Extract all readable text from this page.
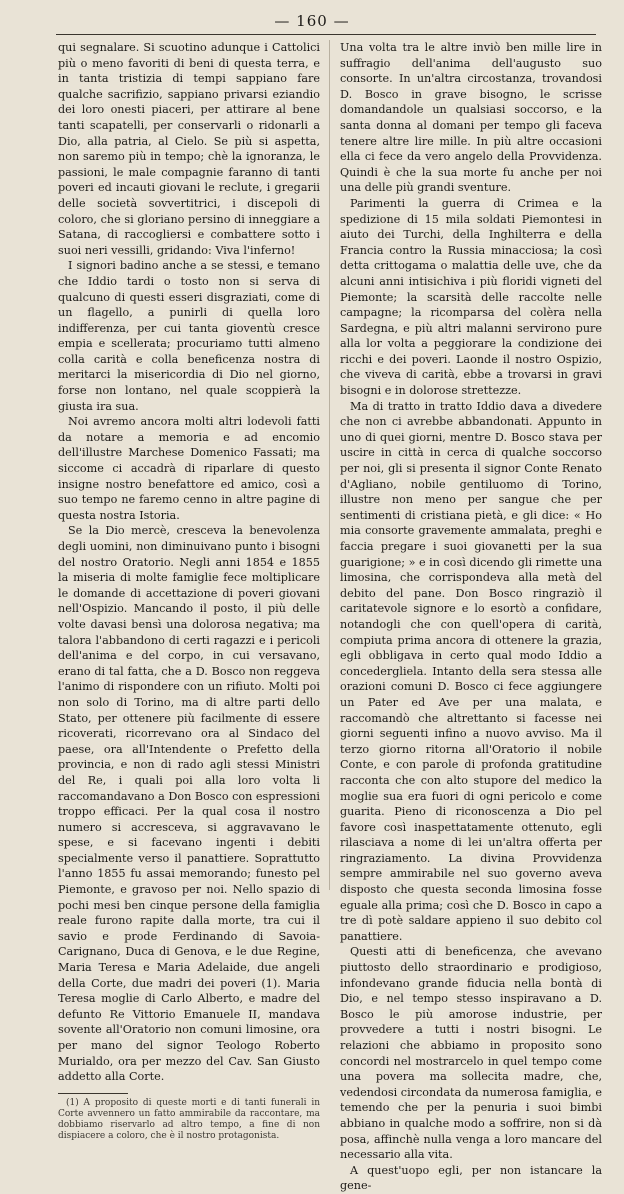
— 160 —

qui segnalare. Si scuotino adunque i Cattolici più o meno favoriti di beni di questa terra, e in tanta tristizia di tempi sappiano fare qualche sacrifizio, sappiano privarsi eziandio dei loro onesti piaceri, per attirare al bene tanti scapatelli, per conservarli o ridonarli a Dio, alla patria, al Cielo. Se più si aspetta, non saremo più in tempo; chè la ignoranza, le passioni, le male compagnie faranno di tanti poveri ed incauti giovani le reclute, i gregarii delle società sovvertitrici, i discepoli di coloro, che si gloriano persino di inneggiare a Satana, di raccogliersi e combattere sotto i suoi neri vessilli, gridando: Viva l'inferno!

I signori badino anche a se stessi, e temano che Iddio tardi o tosto non si serva di qualcuno di questi esseri disgraziati, come di un flagello, a punirli di quella loro indifferenza, per cui tanta gioventù cresce empia e scellerata; procuriamo tutti almeno colla carità e colla beneficenza nostra di meritarci la misericordia di Dio nel giorno, forse non lontano, nel quale scoppierà la giusta ira sua.

Noi avremo ancora molti altri lodevoli fatti da notare a memoria e ad encomio dell'illustre Marchese Domenico Fassati; ma siccome ci accadrà di riparlare di questo insigne nostro benefattore ed amico, così a suo tempo ne faremo cenno in altre pagine di questa nostra Istoria.

Se la Dio mercè, cresceva la benevolenza degli uomini, non diminuivano punto i bisogni del nostro Oratorio. Negli anni 1854 e 1855 la miseria di molte famiglie fece moltiplicare le domande di accettazione di poveri giovani nell'Ospizio. Mancando il posto, il più delle volte davasi bensì una dolorosa negativa; ma talora l'abbandono di certi ragazzi e i pericoli dell'anima e del corpo, in cui versavano, erano di tal fatta, che a D. Bosco non reggeva l'animo di rispondere con un rifiuto. Molti poi non solo di Torino, ma di altre parti dello Stato, per ottenere più facilmente di essere ricoverati, ricorrevano ora al Sindaco del paese, ora all'Intendente o Prefetto della provincia, e non di rado agli stessi Ministri del Re, i quali poi alla loro volta li raccomandavano a Don Bosco con espressioni troppo efficaci. Per la qual cosa il nostro numero si accresceva, si aggravavano le spese, e si facevano ingenti i debiti specialmente verso il panattiere. Soprattutto l'anno 1855 fu assai memorando; funesto pel Piemonte, e gravoso per noi. Nello spazio di pochi mesi ben cinque persone della famiglia reale furono rapite dalla morte, tra cui il savio e prode Ferdinando di Savoia-Carignano, Duca di Genova, e le due Regine, Maria Teresa e Maria Adelaide, due angeli della Corte, due madri dei poveri (1). Maria Teresa moglie di Carlo Alberto, e madre del defunto Re Vittorio Emanuele II, mandava sovente all'Oratorio non comuni limosine, ora per mano del signor Teologo Roberto Murialdo, ora per mezzo del Cav. San Giusto addetto alla Corte.

(1) A proposito di queste morti e di tanti funerali in Corte avvennero un fatto ammirabile da raccontare, ma dobbiamo riservarlo ad altro tempo, a fine di non dispiacere a coloro, che è il nostro protagonista.

Una volta tra le altre inviò ben mille lire in suffragio dell'anima dell'augusto suo consorte. In un'altra circostanza, trovandosi D. Bosco in grave bisogno, le scrisse domandandole un qualsiasi soccorso, e la santa donna al domani per tempo gli faceva tenere altre lire mille. In più altre occasioni ella ci fece da vero angelo della Provvidenza. Quindi è che la sua morte fu anche per noi una delle più grandi sventure.

Parimenti la guerra di Crimea e la spedizione di 15 mila soldati Piemontesi in aiuto dei Turchi, della Inghilterra e della Francia contro la Russia minacciosa; la così detta crittogama o malattia delle uve, che da alcuni anni intisichiva i più floridi vigneti del Piemonte; la scarsità delle raccolte nelle campagne; la ricomparsa del colèra nella Sardegna, e più altri malanni servirono pure alla lor volta a peggiorare la condizione dei ricchi e dei poveri. Laonde il nostro Ospizio, che viveva di carità, ebbe a trovarsi in gravi bisogni e in dolorose strettezze.

Ma di tratto in tratto Iddio dava a divedere che non ci avrebbe abbandonati. Appunto in uno di quei giorni, mentre D. Bosco stava per uscire in città in cerca di qualche soccorso per noi, gli si presenta il signor Conte Renato d'Agliano, nobile gentiluomo di Torino, illustre non meno per sangue che per sentimenti di cristiana pietà, e gli dice: « Ho mia consorte gravemente ammalata, preghi e faccia pregare i suoi giovanetti per la sua guarigione; » e in così dicendo gli rimette una limosina, che corrispondeva alla metà del debito del pane. Don Bosco ringraziò il caritatevole signore e lo esortò a confidare, notandogli che con quell'opera di carità, compiuta prima ancora di ottenere la grazia, egli obbligava in certo qual modo Iddio a concedergliela. Intanto della sera stessa alle orazioni comuni D. Bosco ci fece aggiungere un Pater ed Ave per una malata, e raccomandò che altrettanto si facesse nei giorni seguenti infino a nuovo avviso. Ma il terzo giorno ritorna all'Oratorio il nobile Conte, e con parole di profonda gratitudine racconta che con alto stupore del medico la moglie sua era fuori di ogni pericolo e come guarita. Pieno di riconoscenza a Dio pel favore così inaspettatamente ottenuto, egli rilasciava a nome di lei un'altra offerta per ringraziamento. La divina Provvidenza sempre ammirabile nel suo governo aveva disposto che questa seconda limosina fosse eguale alla prima; così che D. Bosco in capo a tre dì potè saldare appieno il suo debito col panattiere.

Questi atti di beneficenza, che avevano piuttosto dello straordinario e prodigioso, infondevano grande fiducia nella bontà di Dio, e nel tempo stesso inspiravano a D. Bosco le più amorose industrie, per provvedere a tutti i nostri bisogni. Le relazioni che abbiamo in proposito sono concordi nel mostrarcelo in quel tempo come una povera ma sollecita madre, che, vedendosi circondata da numerosa famiglia, e temendo che per la penuria i suoi bimbi abbiano in qualche modo a soffrire, non si dà posa, affinchè nulla venga a loro mancare del necessario alla vita.

A quest'uopo egli, per non istancare la gene-
